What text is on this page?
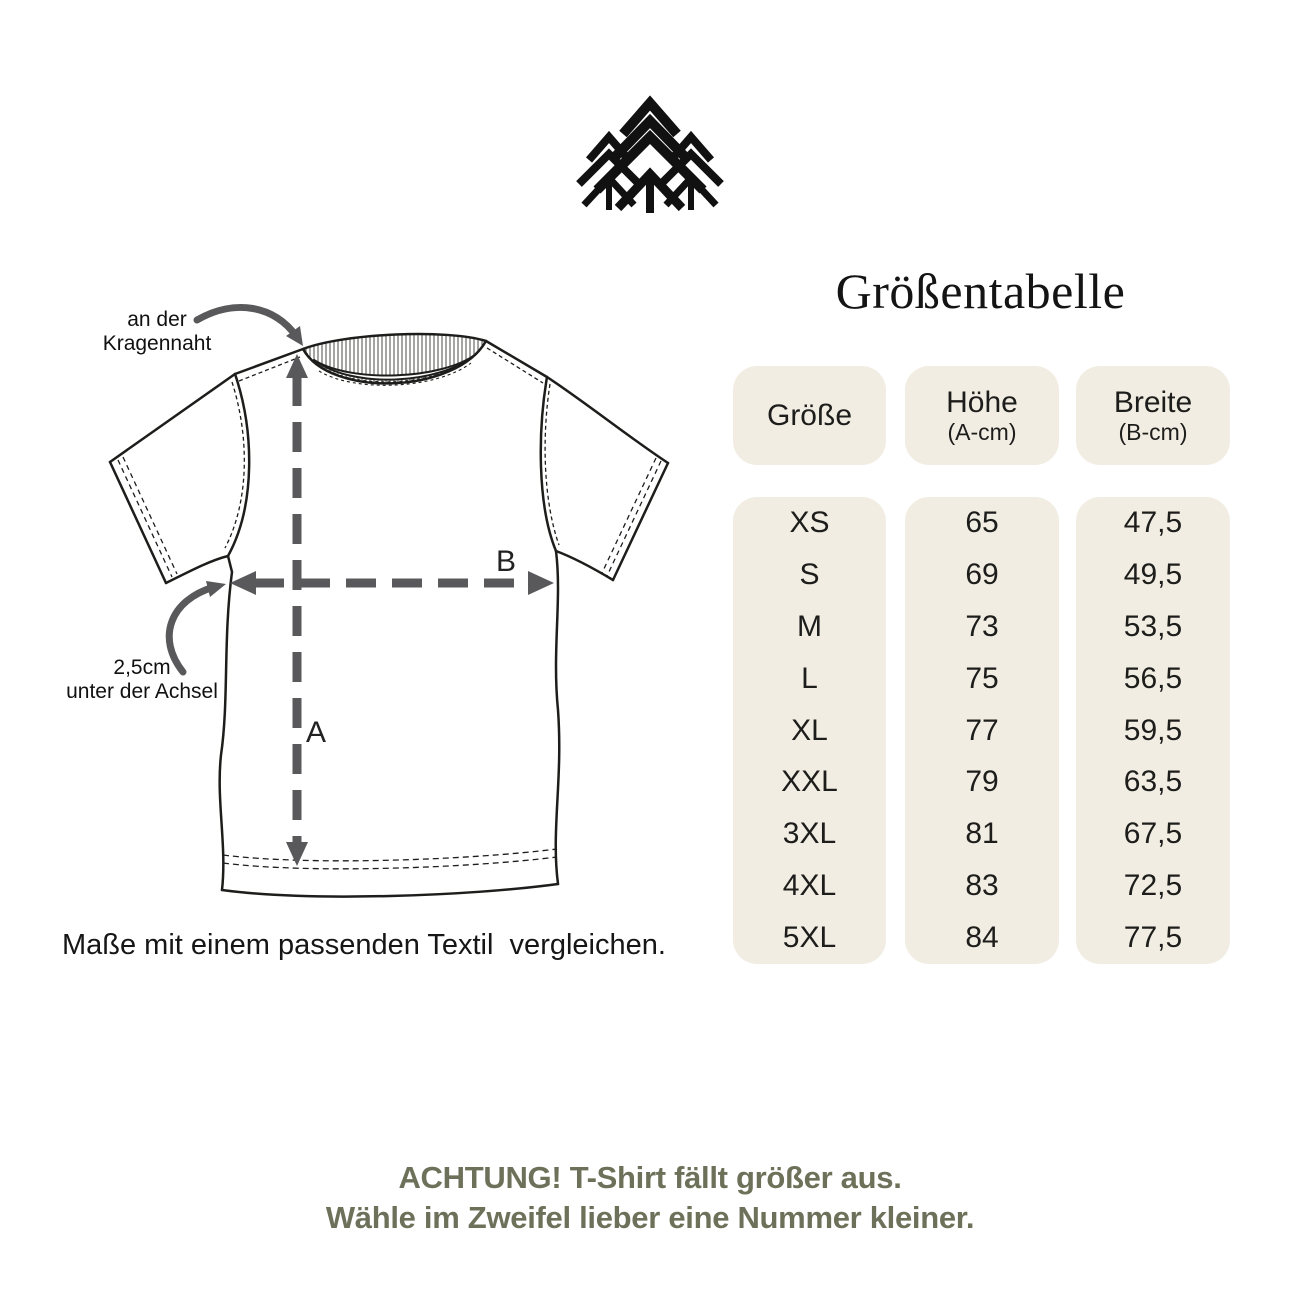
an der
Kragennaht
2,5cm
unter der Achsel
A
B
Maße mit einem passenden Textil  vergleichen.
Größentabelle
Größe	Höhe
(A-cm)
Breite
(B-cm)
XS
S
M
L
XL
XXL
3XL
4XL
5XL
65
69
73
75
77
79
81
83
84
47,5
49,5
53,5
56,5
59,5
63,5
67,5
72,5
77,5
ACHTUNG! T-Shirt fällt größer aus.
Wähle im Zweifel lieber eine Nummer kleiner.
